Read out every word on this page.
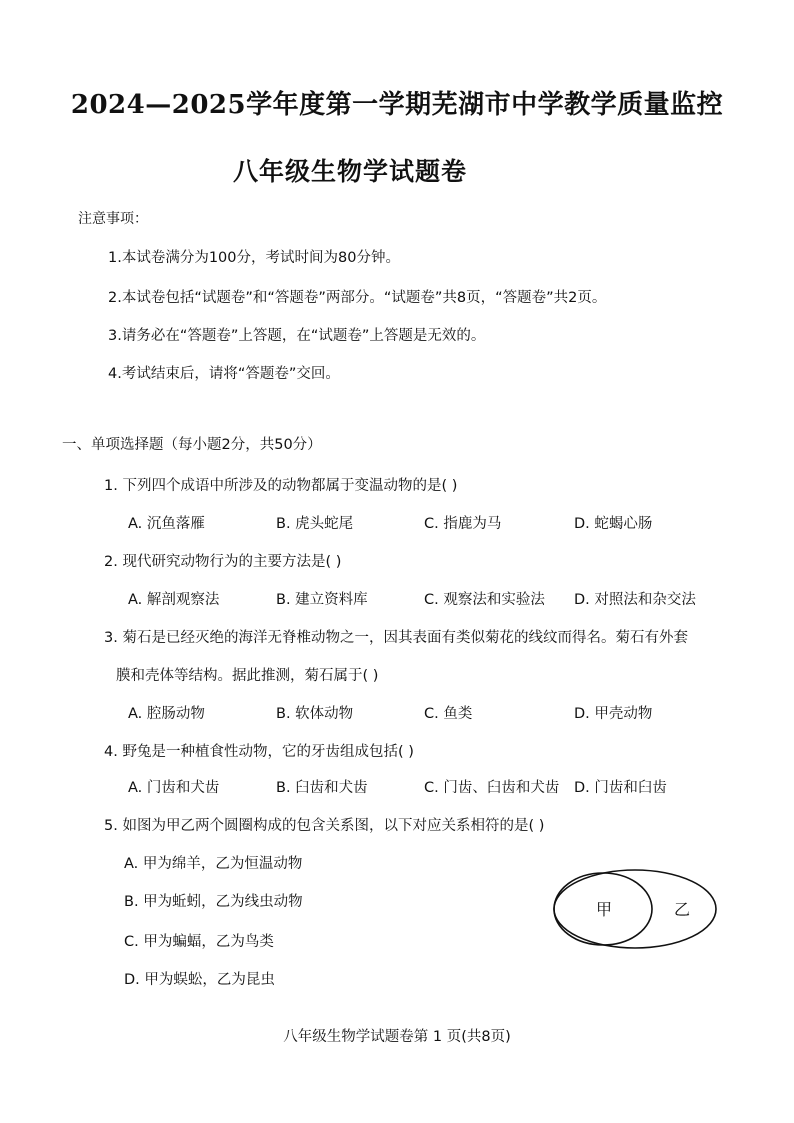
2024—2025学年度第一学期芜湖市中学教学质量监控
八年级生物学试题卷
注意事项：
1.本试卷满分为100分，考试时间为80分钟。
2.本试卷包括“试题卷”和“答题卷”两部分。“试题卷”共8页，“答题卷”共2页。
3.请务必在“答题卷”上答题，在“试题卷”上答题是无效的。
4.考试结束后，请将“答题卷”交回。
一、单项选择题（每小题2分，共50分）
1. 下列四个成语中所涉及的动物都属于变温动物的是( )
A. 沉鱼落雁	B. 虎头蛇尾	C. 指鹿为马	D. 蛇蝎心肠
2. 现代研究动物行为的主要方法是( )
A. 解剖观察法	B. 建立资料库	C. 观察法和实验法 D. 对照法和杂交法
3. 菊石是已经灭绝的海洋无脊椎动物之一，因其表面有类似菊花的线纹而得名。菊石有外套
膜和壳体等结构。据此推测，菊石属于( )
A. 腔肠动物	B. 软体动物	C. 鱼类	D. 甲壳动物
4. 野兔是一种植食性动物，它的牙齿组成包括( )
A. 门齿和犬齿	B. 臼齿和犬齿	C. 门齿、臼齿和犬齿 D. 门齿和臼齿
5. 如图为甲乙两个圆圈构成的包含关系图，以下对应关系相符的是( )
A. 甲为绵羊，乙为恒温动物
B. 甲为蚯蚓，乙为线虫动物
C. 甲为蝙蝠，乙为鸟类
D. 甲为蜈蚣，乙为昆虫
甲	乙
八年级生物学试题卷第 1 页(共8页)
